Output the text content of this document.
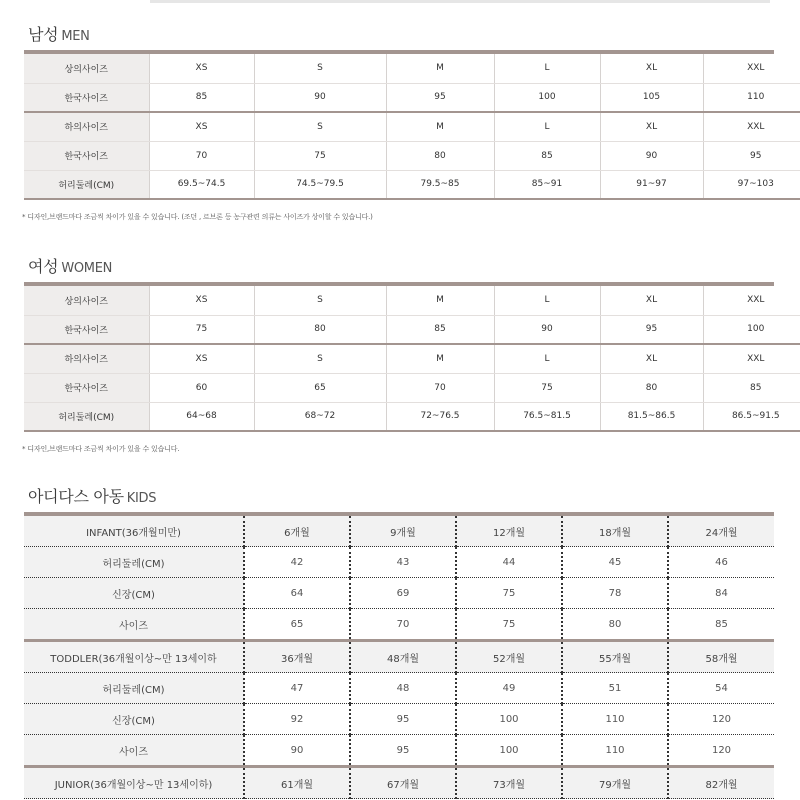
남성 MEN
상의사이즈	XS	S	M	L	XL	XXL
한국사이즈	85	90	95	100	105	110
하의사이즈	XS	S	M	L	XL	XXL
한국사이즈	70	75	80	85	90	95
허리둘레(CM)	69.5~74.5	74.5~79.5	79.5~85	85~91	91~97	97~103
* 디자인,브랜드마다 조금씩 차이가 있을 수 있습니다. (조던 , 르브론 등 농구관련 의류는 사이즈가 상이할 수 있습니다.)
여성 WOMEN
상의사이즈	XS	S	M	L	XL	XXL
한국사이즈	75	80	85	90	95	100
하의사이즈	XS	S	M	L	XL	XXL
한국사이즈	60	65	70	75	80	85
허리둘레(CM)	64~68	68~72	72~76.5	76.5~81.5	81.5~86.5	86.5~91.5
* 디자인,브랜드마다 조금씩 차이가 있을 수 있습니다.
아디다스 아동 KIDS
INFANT(36개월미만)	6개월	9개월	12개월	18개월	24개월
허리둘레(CM)	42	43	44	45	46
신장(CM)	64	69	75	78	84
사이즈	65	70	75	80	85
TODDLER(36개월이상~만 13세이하	36개월	48개월	52개월	55개월	58개월
허리둘레(CM)	47	48	49	51	54
신장(CM)	92	95	100	110	120
사이즈	90	95	100	110	120
JUNIOR(36개월이상~만 13세이하)	61개월	67개월	73개월	79개월	82개월
